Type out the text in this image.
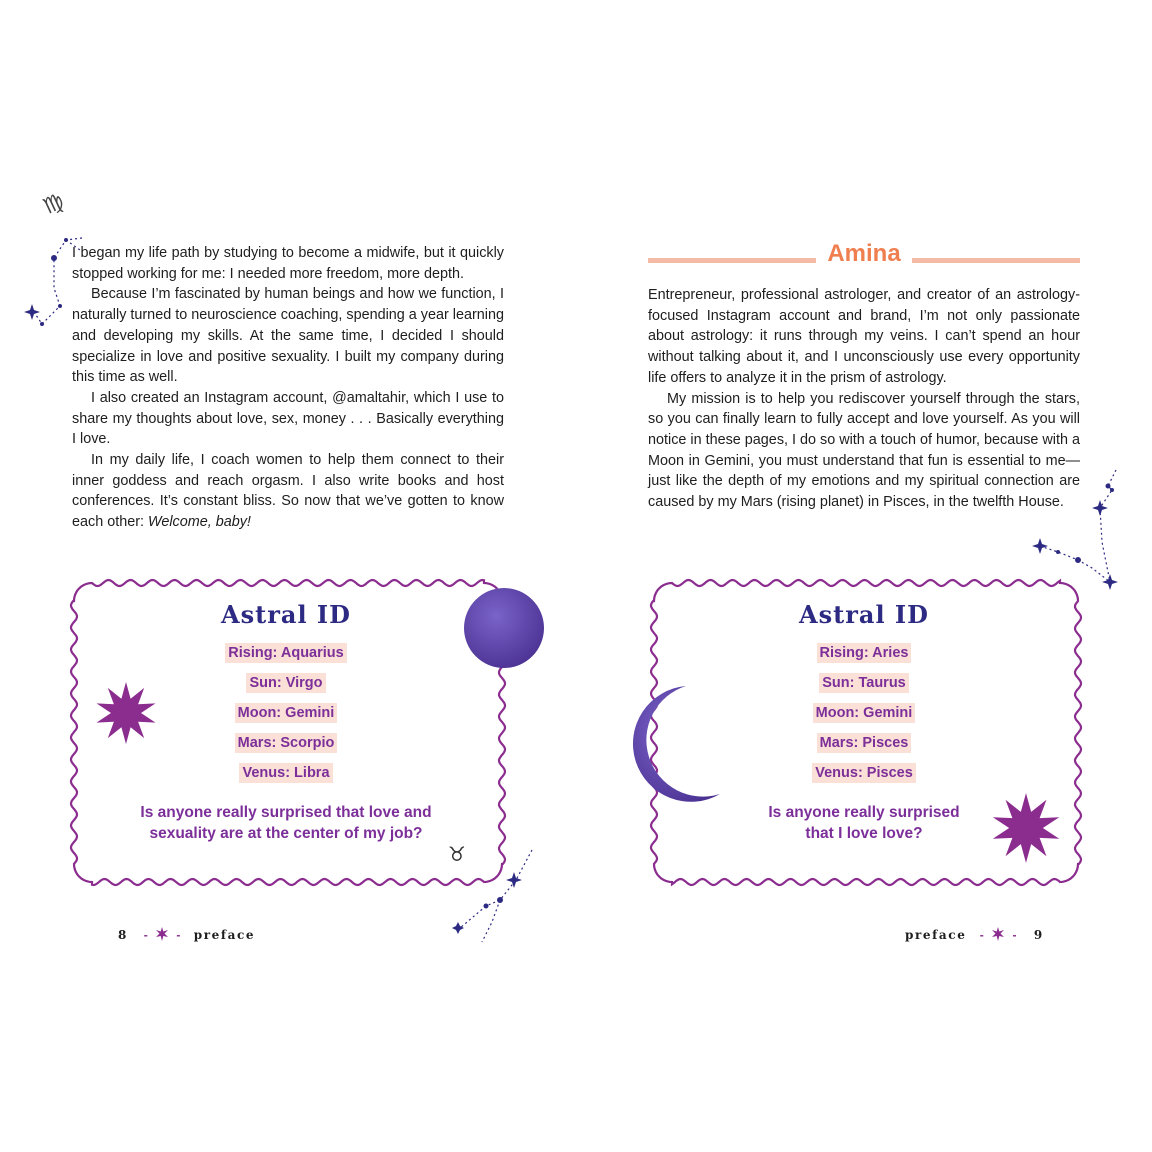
♍

I began my life path by studying to become a midwife, but it quickly stopped working for me: I needed more freedom, more depth.

Because I’m fascinated by human beings and how we function, I naturally turned to neuroscience coaching, spending a year learning and developing my skills. At the same time, I decided I should specialize in love and positive sexuality. I built my company during this time as well.

I also created an Instagram account, @amaltahir, which I use to share my thoughts about love, sex, money . . . Basically everything I love.

In my daily life, I coach women to help them connect to their inner goddess and reach orgasm. I also write books and host conferences. It’s constant bliss. So now that we’ve gotten to know each other: Welcome, baby!

Astral ID
Rising: Aquarius
Sun: Virgo
Moon: Gemini
Mars: Scorpio
Venus: Libra
Is anyone really surprised that love and sexuality are at the center of my job?
♉
8 - - preface
Amina

Entrepreneur, professional astrologer, and creator of an astrology-focused Instagram account and brand, I’m not only passionate about astrology: it runs through my veins. I can’t spend an hour without talking about it, and I unconsciously use every opportunity life offers to analyze it in the prism of astrology.

My mission is to help you rediscover yourself through the stars, so you can finally learn to fully accept and love yourself. As you will notice in these pages, I do so with a touch of humor, because with a Moon in Gemini, you must understand that fun is essential to me—just like the depth of my emotions and my spiritual connection are caused by my Mars (rising planet) in Pisces, in the twelfth House.

Astral ID
Rising: Aries
Sun: Taurus
Moon: Gemini
Mars: Pisces
Venus: Pisces
Is anyone really surprised that I love love?
preface - - 9
